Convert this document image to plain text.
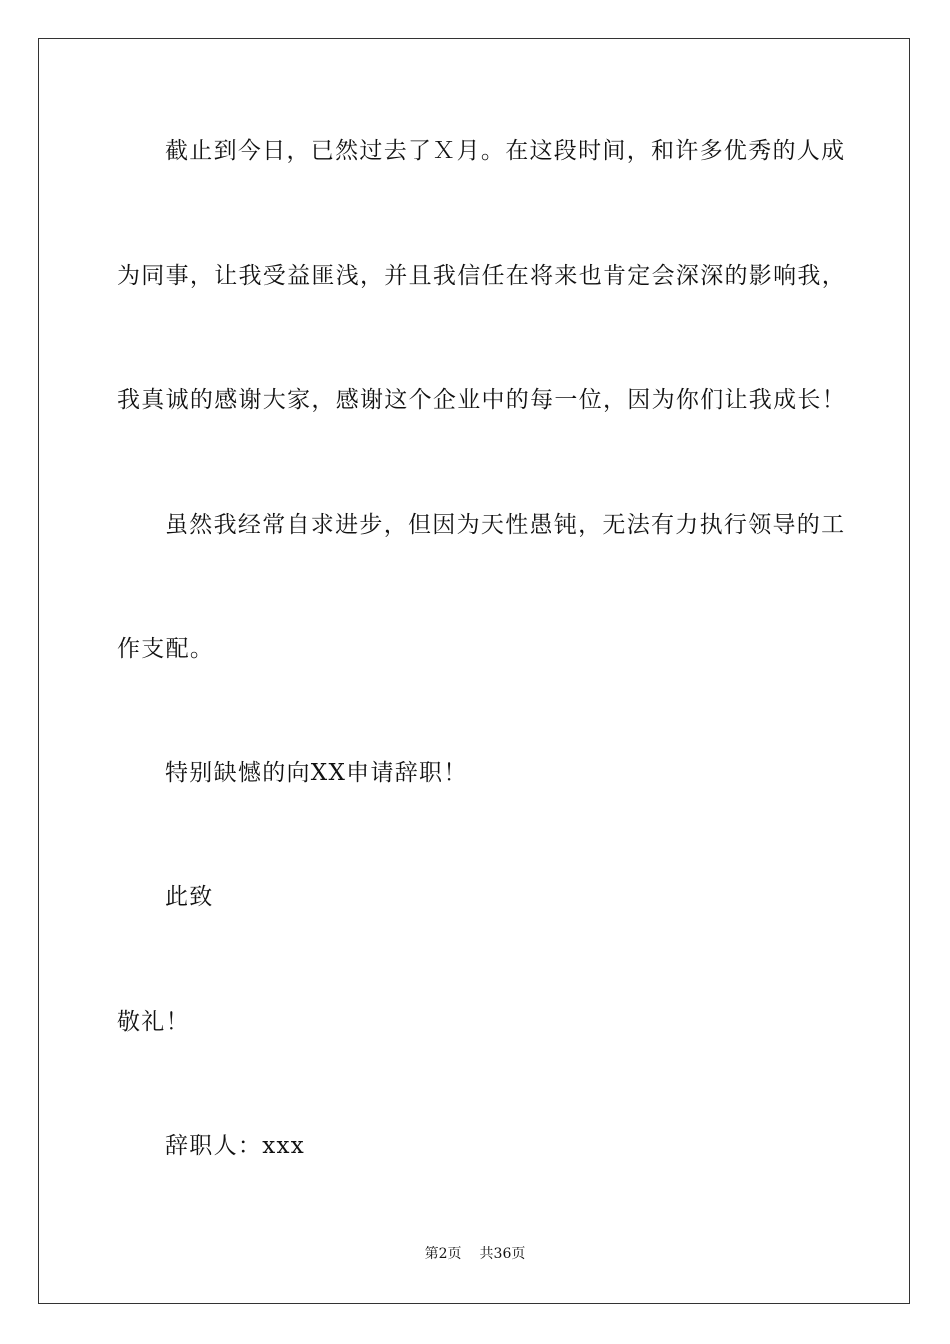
截止到今日，已然过去了Ｘ月。在这段时间，和许多优秀的人成
为同事，让我受益匪浅，并且我信任在将来也肯定会深深的影响我，
我真诚的感谢大家，感谢这个企业中的每一位，因为你们让我成长！
虽然我经常自求进步，但因为天性愚钝，无法有力执行领导的工
作支配。
特别缺憾的向XX申请辞职！
此致
敬礼！
辞职人：xxx
第2页 共36页
